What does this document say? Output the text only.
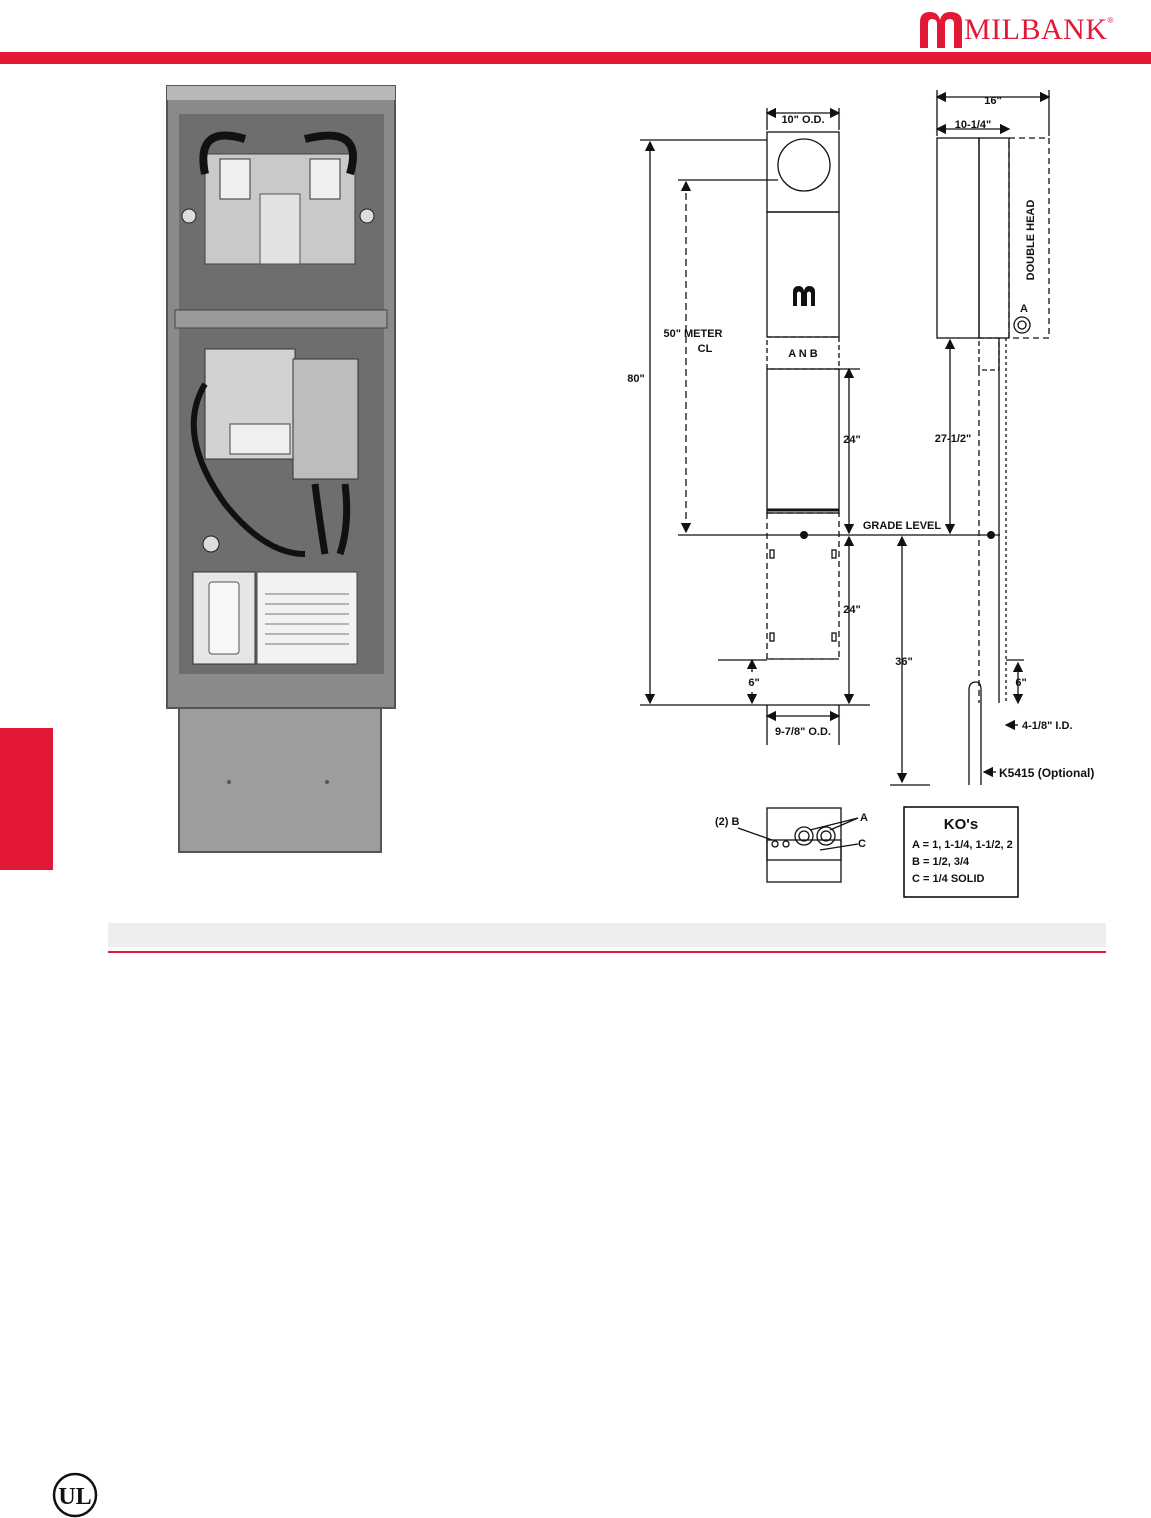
MILBANK ®
10" O.D.
50" METER
CL
80"
A N B
24"
24"
6"
9-7/8" O.D.
16"
10-1/4"
DOUBLE HEAD
A
27-1/2"
GRADE LEVEL
36"
6"
4-1/8" I.D.
K5415 (Optional)
(2) B	A
C
KO's
A = 1, 1-1/4, 1-1/2, 2
B = 1/2, 3/4
C = 1/4 SOLID
UL
